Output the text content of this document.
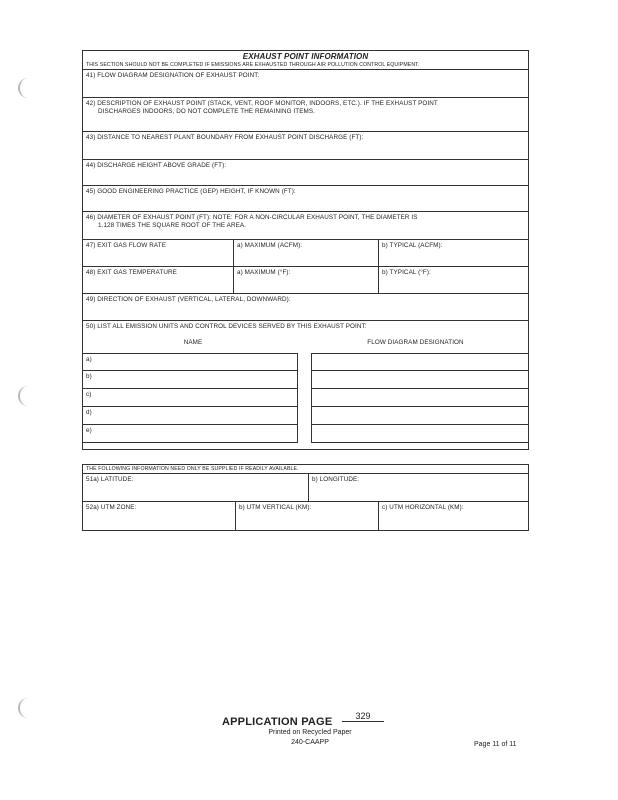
EXHAUST POINT INFORMATION
THIS SECTION SHOULD NOT BE COMPLETED IF EMISSIONS ARE EXHAUSTED THROUGH AIR POLLUTION CONTROL EQUIPMENT.
41) FLOW DIAGRAM DESIGNATION OF EXHAUST POINT:
42) DESCRIPTION OF EXHAUST POINT (STACK, VENT, ROOF MONITOR, INDOORS, ETC.). IF THE EXHAUST POINT
DISCHARGES INDOORS, DO NOT COMPLETE THE REMAINING ITEMS.
43) DISTANCE TO NEAREST PLANT BOUNDARY FROM EXHAUST POINT DISCHARGE (FT):
44) DISCHARGE HEIGHT ABOVE GRADE (FT):
45) GOOD ENGINEERING PRACTICE (GEP) HEIGHT, IF KNOWN (FT):
46) DIAMETER OF EXHAUST POINT (FT): NOTE: FOR A NON-CIRCULAR EXHAUST POINT, THE DIAMETER IS
1.128 TIMES THE SQUARE ROOT OF THE AREA.
47) EXIT GAS FLOW RATE	a) MAXIMUM (ACFM):	b) TYPICAL (ACFM):
48) EXIT GAS TEMPERATURE	a) MAXIMUM (°F):	b) TYPICAL (°F):
49) DIRECTION OF EXHAUST (VERTICAL, LATERAL, DOWNWARD):
50) LIST ALL EMISSION UNITS AND CONTROL DEVICES SERVED BY THIS EXHAUST POINT:
NAME	FLOW DIAGRAM DESIGNATION
a)
b)
c)
d)
e)
THE FOLLOWING INFORMATION NEED ONLY BE SUPPLIED IF READILY AVAILABLE.
51a) LATITUDE:	b) LONGITUDE:
52a) UTM ZONE:	b) UTM VERTICAL (KM):	c) UTM HORIZONTAL (KM):
APPLICATION PAGE	329
Printed on Recycled Paper
240-CAAPP	Page 11 of 11
